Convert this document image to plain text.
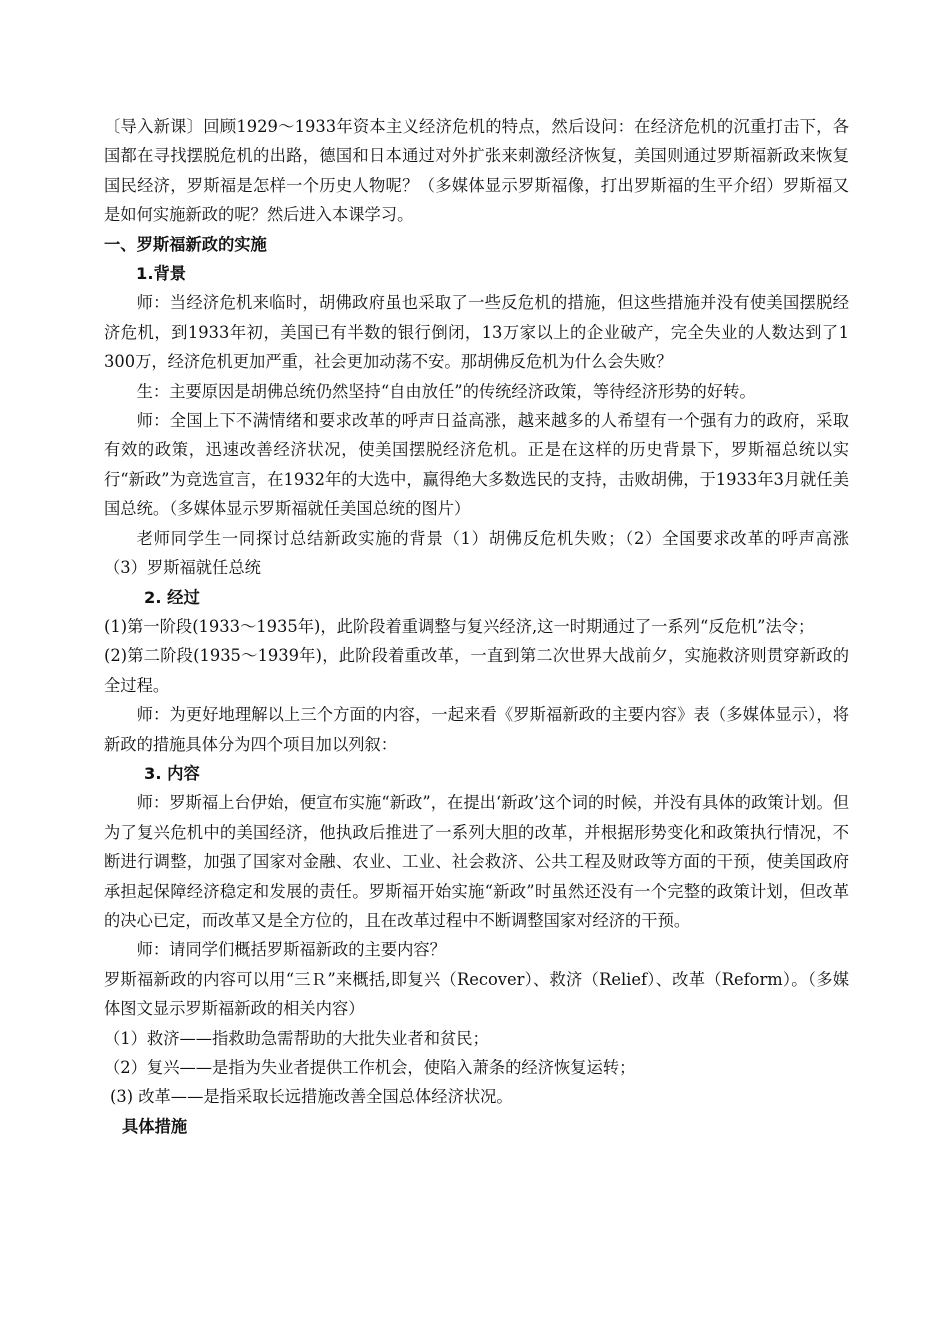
〔导入新课〕回顾1929～1933年资本主义经济危机的特点，然后设问：在经济危机的沉重打击下，各国都在寻找摆脱危机的出路，德国和日本通过对外扩张来刺激经济恢复，美国则通过罗斯福新政来恢复国民经济，罗斯福是怎样一个历史人物呢？（多媒体显示罗斯福像，打出罗斯福的生平介绍）罗斯福又是如何实施新政的呢？然后进入本课学习。

一、罗斯福新政的实施

1.背景

师：当经济危机来临时，胡佛政府虽也采取了一些反危机的措施，但这些措施并没有使美国摆脱经济危机，到1933年初，美国已有半数的银行倒闭，13万家以上的企业破产，完全失业的人数达到了1 300万，经济危机更加严重，社会更加动荡不安。那胡佛反危机为什么会失败？

生：主要原因是胡佛总统仍然坚持“自由放任”的传统经济政策，等待经济形势的好转。

师：全国上下不满情绪和要求改革的呼声日益高涨，越来越多的人希望有一个强有力的政府，采取有效的政策，迅速改善经济状况，使美国摆脱经济危机。正是在这样的历史背景下，罗斯福总统以实行“新政”为竞选宣言，在1932年的大选中，赢得绝大多数选民的支持，击败胡佛，于1933年3月就任美国总统。（多媒体显示罗斯福就任美国总统的图片）

老师同学生一同探讨总结新政实施的背景（1）胡佛反危机失败；（2）全国要求改革的呼声高涨（3）罗斯福就任总统

2. 经过

(1)第一阶段(1933～1935年)，此阶段着重调整与复兴经济,这一时期通过了一系列“反危机”法令；

(2)第二阶段(1935～1939年)，此阶段着重改革，一直到第二次世界大战前夕，实施救济则贯穿新政的全过程。

师：为更好地理解以上三个方面的内容，一起来看《罗斯福新政的主要内容》表（多媒体显示），将新政的措施具体分为四个项目加以列叙：

3. 内容

师：罗斯福上台伊始，便宣布实施“新政”，在提出‘新政’这个词的时候，并没有具体的政策计划。但为了复兴危机中的美国经济，他执政后推进了一系列大胆的改革，并根据形势变化和政策执行情况，不断进行调整，加强了国家对金融、农业、工业、社会救济、公共工程及财政等方面的干预，使美国政府承担起保障经济稳定和发展的责任。罗斯福开始实施“新政”时虽然还没有一个完整的政策计划，但改革的决心已定，而改革又是全方位的，且在改革过程中不断调整国家对经济的干预。

师：请同学们概括罗斯福新政的主要内容？

罗斯福新政的内容可以用“三Ｒ”来概括,即复兴（Recover）、救济（Relief）、改革（Reform）。（多媒体图文显示罗斯福新政的相关内容）

（1）救济——指救助急需帮助的大批失业者和贫民；

（2）复兴——是指为失业者提供工作机会，使陷入萧条的经济恢复运转；

(3) 改革——是指采取长远措施改善全国总体经济状况。

具体措施
